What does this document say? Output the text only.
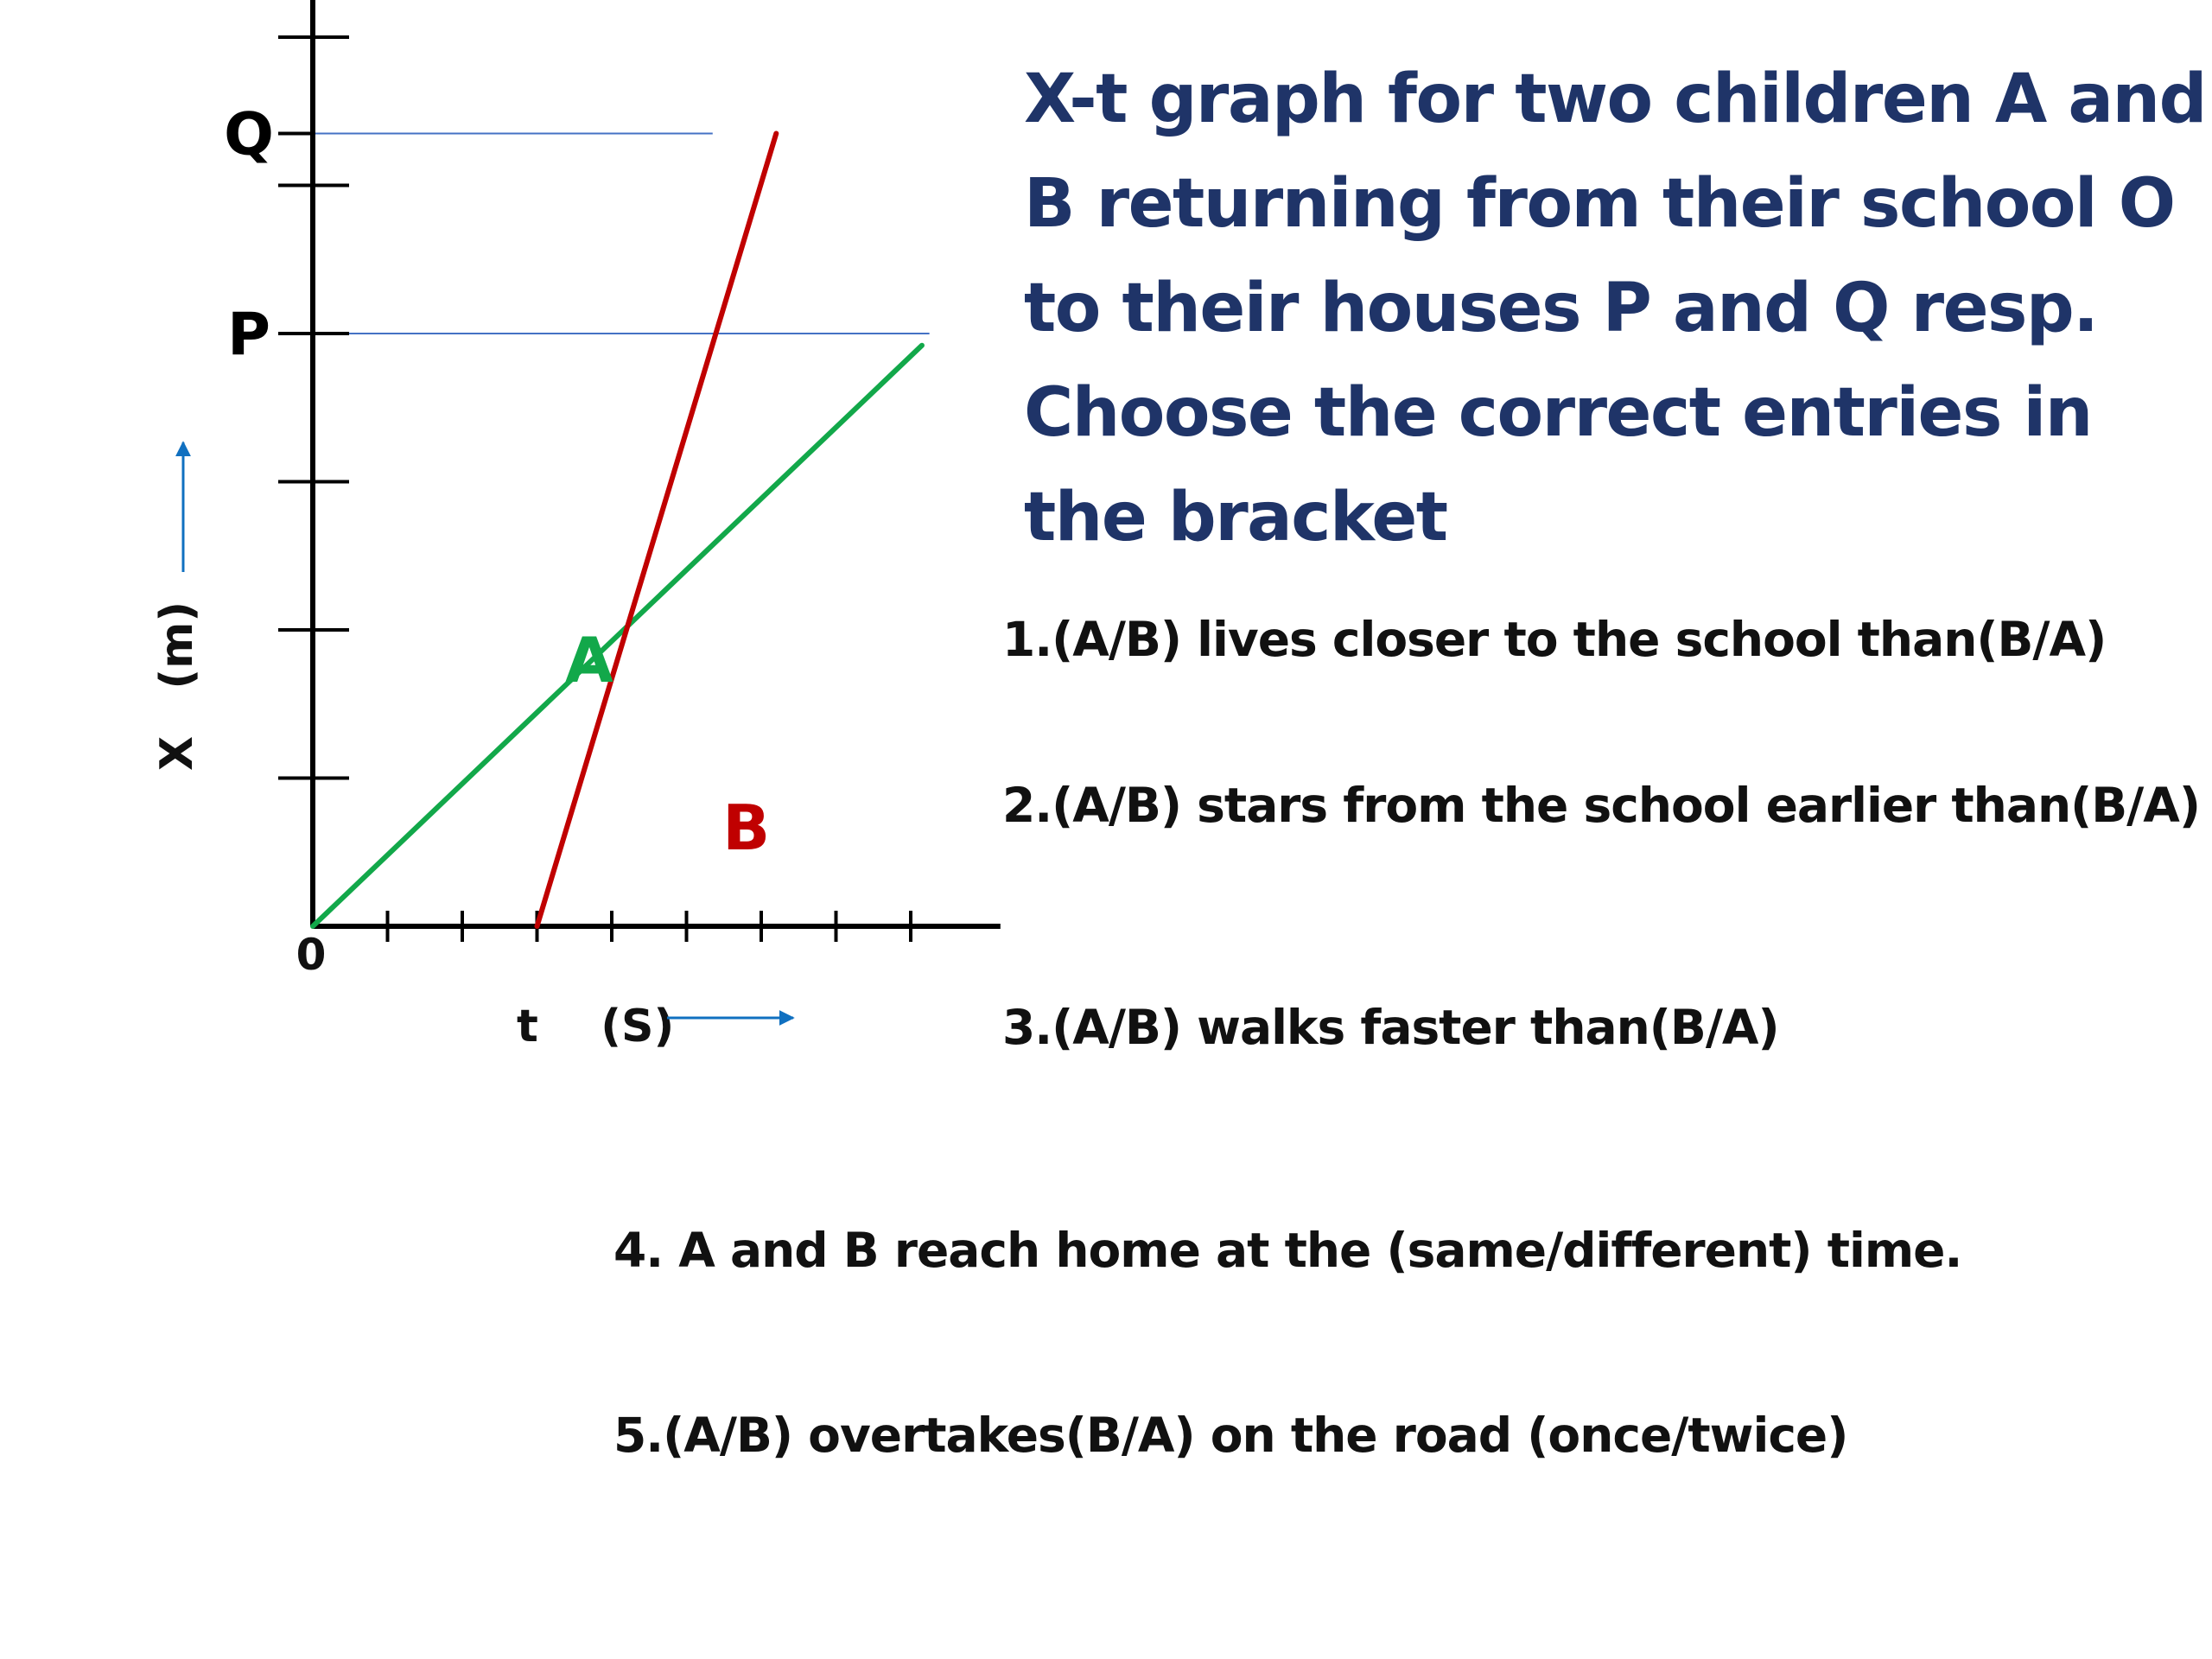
P
Q
A
B
0
t    (S)
X   (m)
X-t graph for two children A and B returning from their school O to their houses P and Q resp. Choose the correct entries in the bracket
1.(A/B) lives closer to the school than(B/A)
2.(A/B) stars from the school earlier than(B/A)
3.(A/B) walks faster than(B/A)
4. A and B reach home at the (same/different) time.
5.(A/B) overtakes(B/A) on the road (once/twice)
